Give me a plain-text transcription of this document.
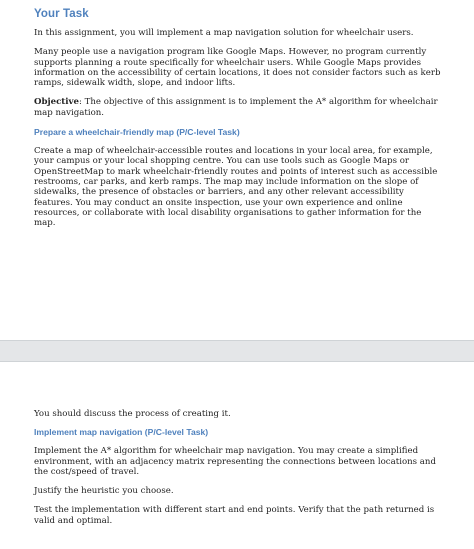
Your Task

In this assignment, you will implement a map navigation solution for wheelchair users.

Many people use a navigation program like Google Maps. However, no program currently supports planning a route specifically for wheelchair users. While Google Maps provides information on the accessibility of certain locations, it does not consider factors such as kerb ramps, sidewalk width, slope, and indoor lifts.

Objective: The objective of this assignment is to implement the A* algorithm for wheelchair map navigation.

Prepare a wheelchair-friendly map (P/C-level Task)

Create a map of wheelchair-accessible routes and locations in your local area, for example, your campus or your local shopping centre. You can use tools such as Google Maps or OpenStreetMap to mark wheelchair-friendly routes and points of interest such as accessible restrooms, car parks, and kerb ramps. The map may include information on the slope of sidewalks, the presence of obstacles or barriers, and any other relevant accessibility features. You may conduct an onsite inspection, use your own experience and online resources, or collaborate with local disability organisations to gather information for the map.

You should discuss the process of creating it.

Implement map navigation (P/C-level Task)

Implement the A* algorithm for wheelchair map navigation. You may create a simplified environment, with an adjacency matrix representing the connections between locations and the cost/speed of travel.

Justify the heuristic you choose.

Test the implementation with different start and end points. Verify that the path returned is valid and optimal.
